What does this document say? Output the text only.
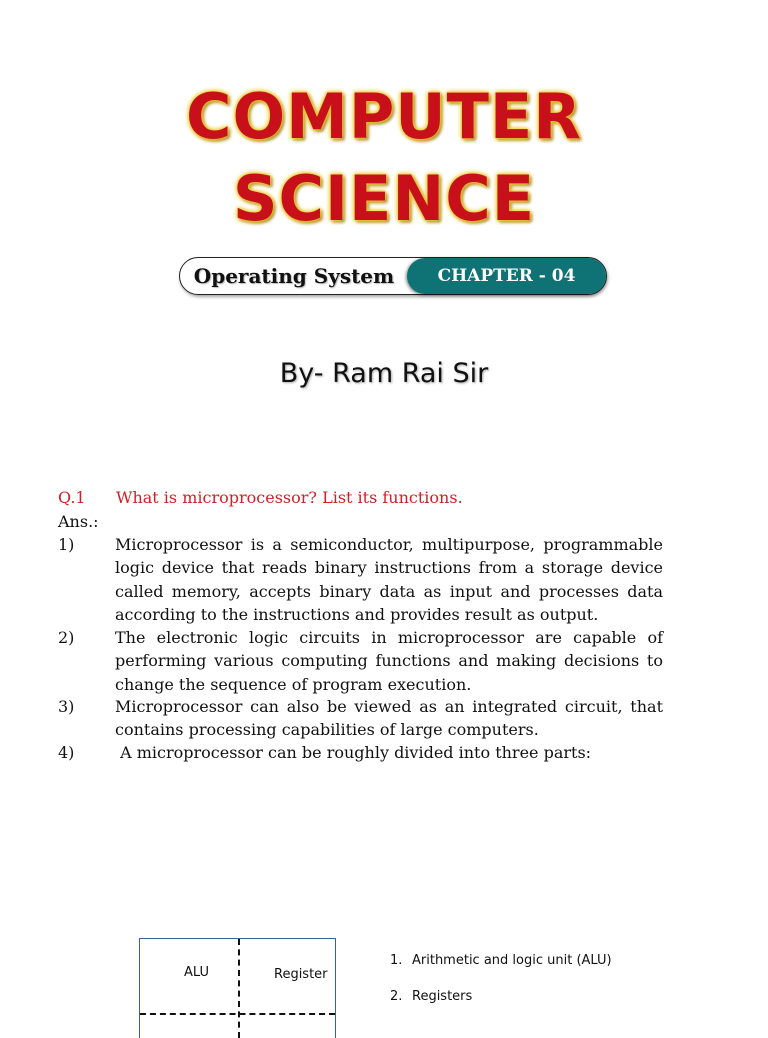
COMPUTER
SCIENCE
Operating System	CHAPTER - 04
By- Ram Rai Sir
Q.1 What is microprocessor? List its functions.
Ans.:
1)	Microprocessor is a semiconductor, multipurpose, programmable logic device that reads binary instructions from a storage device called memory, accepts binary data as input and processes data according to the instructions and provides result as output.
2)	The electronic logic circuits in microprocessor are capable of performing various computing functions and making decisions to change the sequence of program execution.
3)	Microprocessor can also be viewed as an integrated circuit, that contains processing capabilities of large computers.
4)	A microprocessor can be roughly divided into three parts:
ALU	Register
1. Arithmetic and logic unit (ALU)
2. Registers
